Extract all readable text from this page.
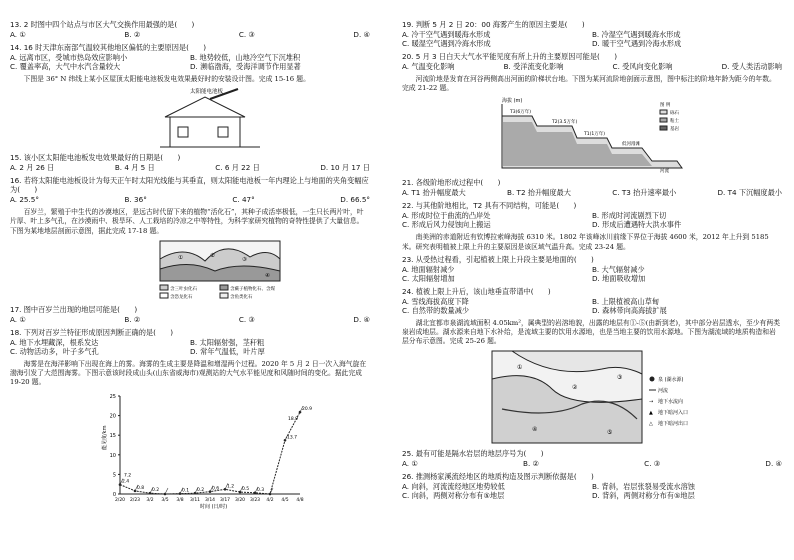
13. 2 时图中四个站点与市区大气交换作用最强的是(　　)
A. ①	B. ②	C. ③	D. ④
14. 16 时天津东南部气温较其他地区偏低的主要原因是(　　)
A. 远离市区，受城市热岛效应影响小	B. 地势较低，山地冷空气下沉堆积
C. 覆盖率高，大气中水汽含量较大	D. 濒临渤海，受海洋调节作用显著
下图是 36° N 纬线上某小区屋顶太阳能电池板发电效果最好时的安装设计图。完成 15-16 题。
太阳能电池板
15. 该小区太阳能电池板发电效果最好的日期是(　　)
A. 2 月 26 日	B. 4 月 5 日	C. 6 月 22 日	D. 10 月 17 日
16. 若将太阳能电池板设计为每天正午时太阳光线能与其垂直，则太阳能电池板一年内理论上与地面的夹角变幅应为(　　)
A. 25.5°	B. 36°	C. 47°	D. 66.5°
百岁兰，繁殖于中生代的沙漠地区，是远古时代留下来的植物“活化石”，其种子成活率极低，一生只长两片叶，叶片厚、叶上多气孔，在沙漠雨中、极旱环、人工栽培的冷凉之中等特性，为科学家研究植物的奇特性提供了大量信息。下图为某地地层剖面示意图，据此完成 17-18 题。
①	②
③
④
含三叶虫化石	含蕨子植物化石、含煤
含恐龙化石	含鱼类化石
17. 图中百岁兰出现的地层可能是(　　)
A. ①	B. ②	C. ③	D. ④
18. 下列对百岁兰特征形成原因判断正确的是(　　)
A. 地下水埋藏深，根系发达	B. 太阳辐射强，茎秆粗
C. 动物活动多，叶子多气孔	D. 常年气温低，叶片厚
海雾是在海洋影响下出现在海上的雾。海雾的生成主要是降温和增湿两个过程。2020 年 5 月 2 日一次入海气旋在渤海引发了大范围海雾。下图示意该时段成山头(山东省威海市)观测站的大气水平能见度和风随时间的变化。据此完成 19-20 题。
能见度/km
时间 (日/时)
0
5
10
15
20
25
2/20 2/23 3/2 3/5 3/8 3/11 3/14 3/17 3/20 3/23 4/2 4/5 4/8
2.4
0.8 0.2	0.1 0.2 0.6 1.2
0.5 0.3
13.7
20.9
7.2
18.9
19. 判断 5 月 2 日 20：00 海雾产生的原因主要是(　　)
A. 冷干空气遇到暖海水形成	B. 冷湿空气遇到暖海水形成
C. 暖湿空气遇到冷海水形成	D. 暖干空气遇到冷海水形成
20. 5 月 3 日白天大气水平能见度有所上升的主要原因可能是(　　)
A. 气温变化影响	B. 受洋流变化影响	C. 受风向变化影响	D. 受人类活动影响
河流阶地是发育在河谷两侧高出河面的阶梯状台地。下图为某河流阶地剖面示意图，图中标注的阶地年龄为距今的年数。完成 21-22 题。
海拔 (m)
T3(6万年)
T2(3.5万年)
T1(1万年)
低河漫滩
河流
图 例
砾石
粘土
基岩
21. 各级阶地形成过程中(　　)
A. T1 抬升幅度最大	B. T2 抬升幅度最大	C. T3 抬升速率最小	D. T4 下沉幅度最小
22. 与其他阶地相比，T2 具有不同结构，可能是(　　)
A. 形成时位于曲流的凸岸处	B. 形成时河流剧烈下切
C. 形成后风力侵蚀向上搬运	D. 形成后遭遇特大洪水事件
南美洲的赤道附近有钦博拉索峰海拔 6310 米。1802 年该峰冰川前缘下界位于海拔 4600 米，2012 年上升到 5185 米。研究表明植被上限上升的主要原因是该区域气温升高。完成 23-24 题。
23. 从受热过程看，引起植被上限上升段主要是地面的(　　)
A. 地面辐射减少	B. 大气辐射减少
C. 太阳辐射增加	D. 地面吸收增加
24. 植被上限上升后，该山地垂直带谱中(　　)
A. 雪线海拔高度下降	B. 上限植被高山草甸
C. 自然带的数量减少	D. 森林带向高海拔扩展
湖北宜都市泉湖流域面积 4.05km²，属典型的岩溶地貌，出露的地层有①-⑤(由新到老)，其中部分岩层透水，至少有两类泉岩成地层。湖水源来自地下水补给，是流域主要的饮用水源地，也是当地主要的饮用水源地。下图为湖流域的地质构造和岩层分布示意图。完成 25-26 题。
①
②
③
④	⑤
泉 (湖水源)
河流
→ 地下水流向
▲ 地下暗河入口
△ 地下暗河出口
25. 最有可能是隔水岩层的地层序号为(　　)
A. ①	B. ②	C. ③	D. ④
26. 推测杨家溪流经地区的地质构造及图示判断依据是(　　)
A. 向斜，河流流经地区地势较低	B. 背斜，岩层张裂易受流水溶蚀
C. 向斜，两侧对称分布有⑤地层	D. 背斜，两侧对称分布有⑤地层
